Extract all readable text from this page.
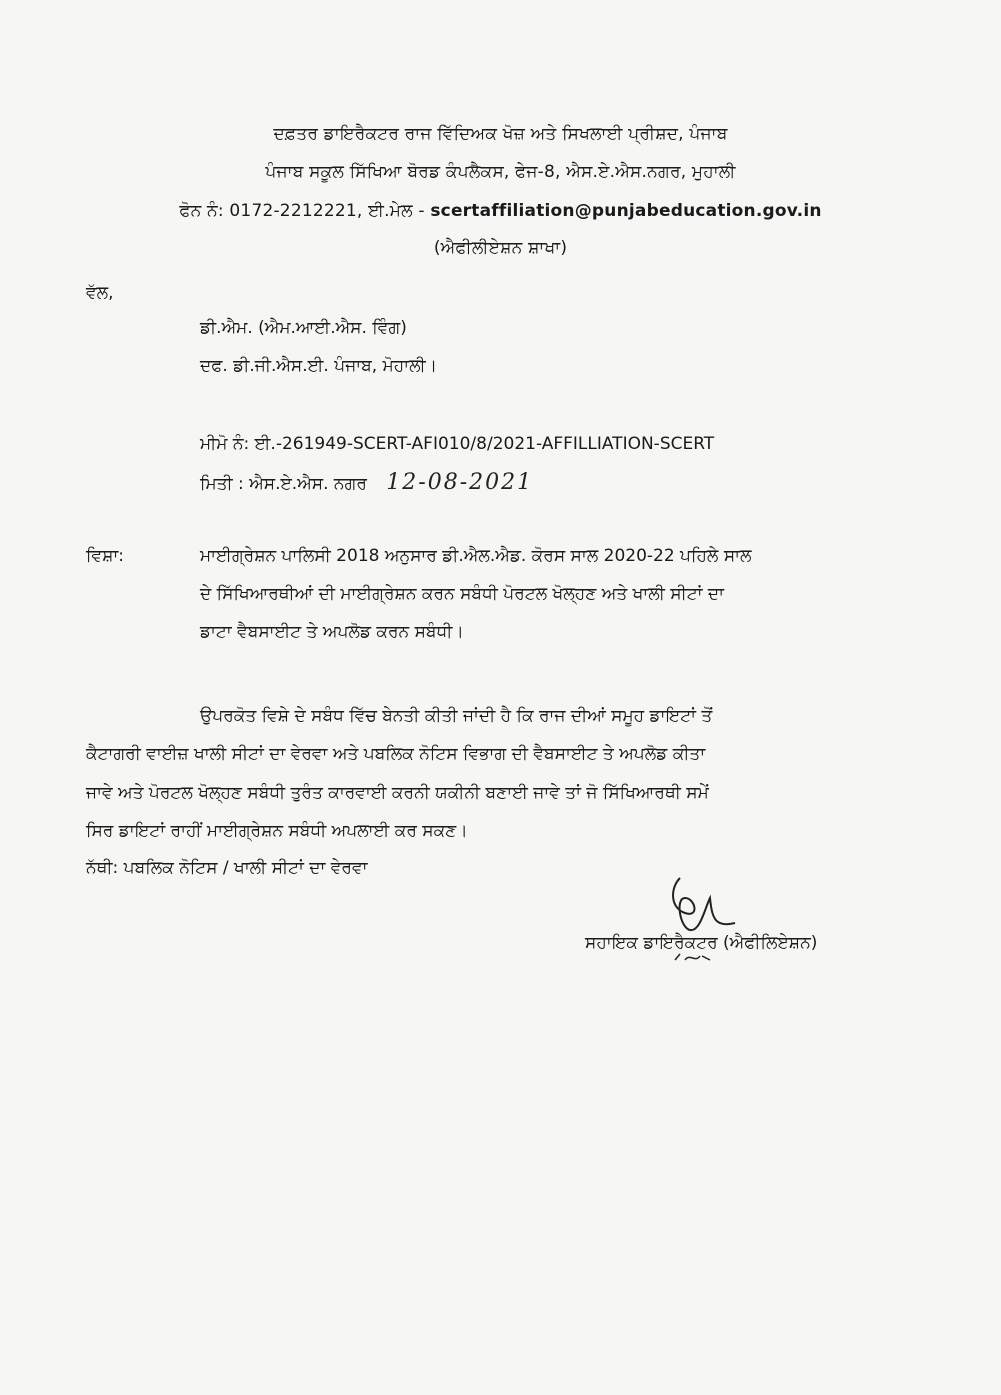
ਦਫ਼ਤਰ ਡਾਇਰੈਕਟਰ ਰਾਜ ਵਿੱਦਿਅਕ ਖੋਜ਼ ਅਤੇ ਸਿਖਲਾਈ ਪ੍ਰੀਸ਼ਦ, ਪੰਜਾਬ
ਪੰਜਾਬ ਸਕੂਲ ਸਿੱਖਿਆ ਬੋਰਡ ਕੰਪਲੈਕਸ, ਫੇਜ-8, ਐਸ.ਏ.ਐਸ.ਨਗਰ, ਮੁਹਾਲੀ
ਫੋਨ ਨੰ: 0172-2212221, ਈ.ਮੇਲ - scertaffiliation@punjabeducation.gov.in
(ਐਫੀਲੀਏਸ਼ਨ ਸ਼ਾਖਾ)
ਵੱਲ,
ਡੀ.ਐਮ. (ਐਮ.ਆਈ.ਐਸ. ਵਿੰਗ)
ਦਫ. ਡੀ.ਜੀ.ਐਸ.ਈ. ਪੰਜਾਬ, ਮੋਹਾਲੀ।
ਮੀਮੋ ਨੰ: ਈ.-261949-SCERT-AFI010/8/2021-AFFILLIATION-SCERT
ਮਿਤੀ : ਐਸ.ਏ.ਐਸ. ਨਗਰ 12-08-2021
ਵਿਸ਼ਾ:	ਮਾਈਗ੍ਰੇਸ਼ਨ ਪਾਲਿਸੀ 2018 ਅਨੁਸਾਰ ਡੀ.ਐਲ.ਐਡ. ਕੋਰਸ ਸਾਲ 2020-22 ਪਹਿਲੇ ਸਾਲ
ਦੇ ਸਿੱਖਿਆਰਥੀਆਂ ਦੀ ਮਾਈਗ੍ਰੇਸ਼ਨ ਕਰਨ ਸਬੰਧੀ ਪੋਰਟਲ ਖੋਲ੍ਹਣ ਅਤੇ ਖਾਲੀ ਸੀਟਾਂ ਦਾ
ਡਾਟਾ ਵੈਬਸਾਈਟ ਤੇ ਅਪਲੋਡ ਕਰਨ ਸਬੰਧੀ।
ਉਪਰਕੋਤ ਵਿਸ਼ੇ ਦੇ ਸਬੰਧ ਵਿੱਚ ਬੇਨਤੀ ਕੀਤੀ ਜਾਂਦੀ ਹੈ ਕਿ ਰਾਜ ਦੀਆਂ ਸਮੂਹ ਡਾਇਟਾਂ ਤੋਂ
ਕੈਟਾਗਰੀ ਵਾਈਜ਼ ਖਾਲੀ ਸੀਟਾਂ ਦਾ ਵੇਰਵਾ ਅਤੇ ਪਬਲਿਕ ਨੋਟਿਸ ਵਿਭਾਗ ਦੀ ਵੈਬਸਾਈਟ ਤੇ ਅਪਲੋਡ ਕੀਤਾ
ਜਾਵੇ ਅਤੇ ਪੋਰਟਲ ਖੋਲ੍ਹਣ ਸਬੰਧੀ ਤੁਰੰਤ ਕਾਰਵਾਈ ਕਰਨੀ ਯਕੀਨੀ ਬਣਾਈ ਜਾਵੇ ਤਾਂ ਜੋ ਸਿੱਖਿਆਰਥੀ ਸਮੇਂ
ਸਿਰ ਡਾਇਟਾਂ ਰਾਹੀਂ ਮਾਈਗ੍ਰੇਸ਼ਨ ਸਬੰਧੀ ਅਪਲਾਈ ਕਰ ਸਕਣ।
ਨੱਥੀ: ਪਬਲਿਕ ਨੋਟਿਸ / ਖਾਲੀ ਸੀਟਾਂ ਦਾ ਵੇਰਵਾ
ਸਹਾਇਕ ਡਾਇਰੈਕਟਰ (ਐਫੀਲਿਏਸ਼ਨ)
